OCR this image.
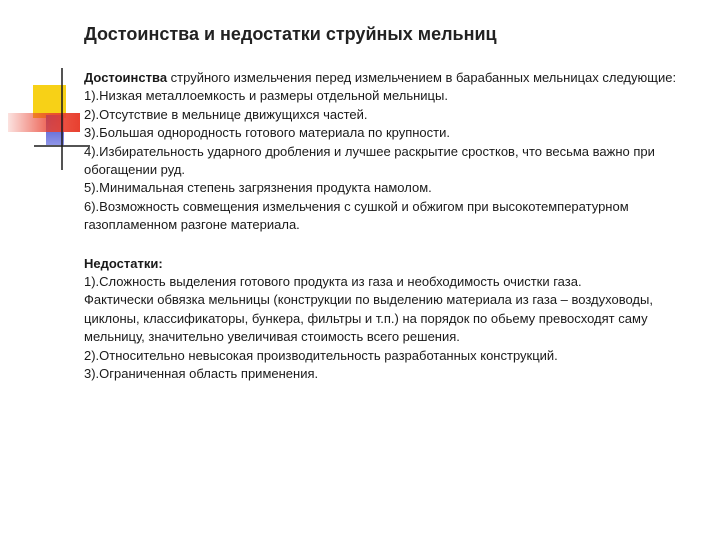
Достоинства и недостатки струйных мельниц

Достоинства струйного измельчения перед измельчением в барабанных мельницах следующие:

1).Низкая металлоемкость и размеры отдельной мельницы.

2).Отсутствие в мельнице движущихся частей.

3).Большая однородность готового материала по крупности.

4).Избирательность ударного дробления и лучшее раскрытие сростков, что весьма важно при обогащении руд.

5).Минимальная степень загрязнения продукта намолом.

6).Возможность совмещения измельчения с сушкой и обжигом при высокотемпературном газопламенном разгоне материала.

Недостатки:

1).Сложность выделения готового продукта из газа и необходимость очистки газа.

Фактически обвязка мельницы (конструкции по выделению материала из газа – воздуховоды, циклоны, классификаторы, бункера, фильтры и т.п.) на порядок по обьему превосходят саму мельницу, значительно увеличивая стоимость всего решения.

2).Относительно невысокая производительность разработанных конструкций.

3).Ограниченная область применения.
